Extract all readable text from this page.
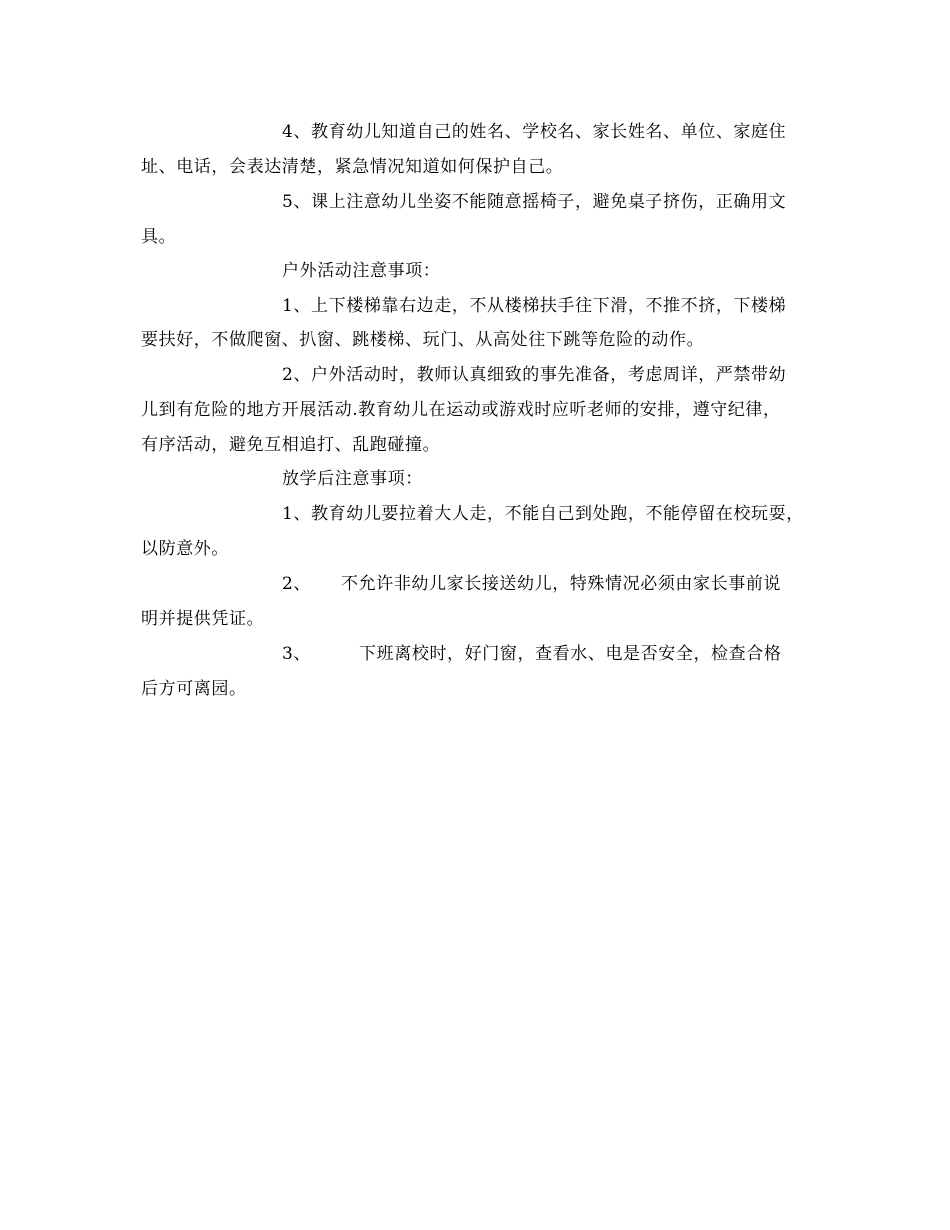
4、教育幼儿知道自己的姓名、学校名、家长姓名、单位、家庭住
址、电话，会表达清楚，紧急情况知道如何保护自己。
5、课上注意幼儿坐姿不能随意摇椅子，避免桌子挤伤，正确用文
具。
户外活动注意事项：
1、上下楼梯靠右边走，不从楼梯扶手往下滑，不推不挤，下楼梯
要扶好，不做爬窗、扒窗、跳楼梯、玩门、从高处往下跳等危险的动作。
2、户外活动时，教师认真细致的事先准备，考虑周详，严禁带幼
儿到有危险的地方开展活动.教育幼儿在运动或游戏时应听老师的安排，遵守纪律，
有序活动，避免互相追打、乱跑碰撞。
放学后注意事项：
1、教育幼儿要拉着大人走，不能自己到处跑，不能停留在校玩耍，
以防意外。
2、     不允许非幼儿家长接送幼儿，特殊情况必须由家长事前说
明并提供凭证。
3、        下班离校时，好门窗，查看水、电是否安全，检查合格
后方可离园。
